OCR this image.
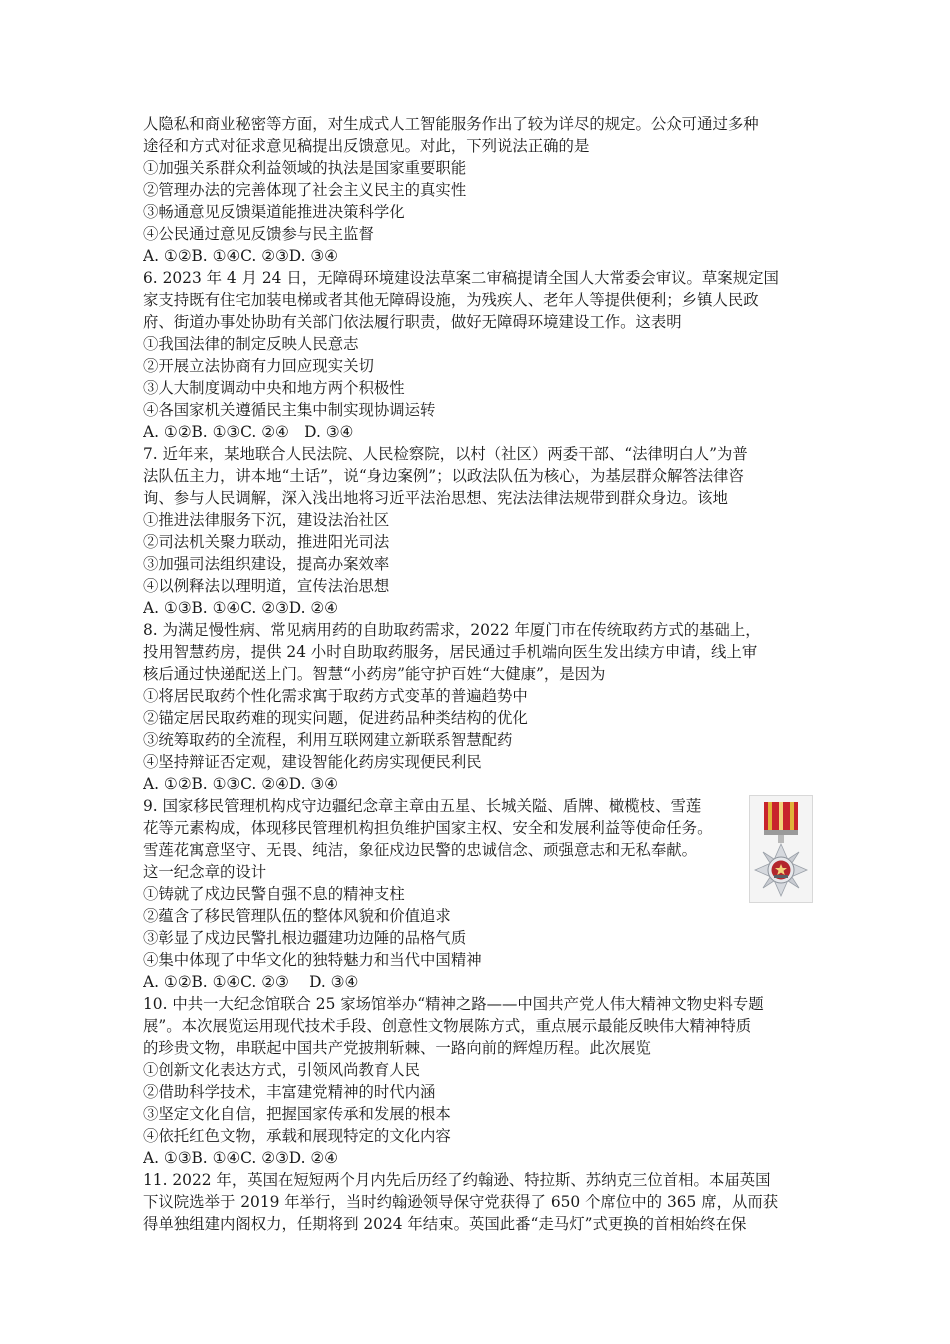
人隐私和商业秘密等方面，对生成式人工智能服务作出了较为详尽的规定。公众可通过多种
途径和方式对征求意见稿提出反馈意见。对此，下列说法正确的是
①加强关系群众利益领域的执法是国家重要职能
②管理办法的完善体现了社会主义民主的真实性
③畅通意见反馈渠道能推进决策科学化
④公民通过意见反馈参与民主监督
A. ①②B. ①④C. ②③D. ③④
6. 2023 年 4 月 24 日，无障碍环境建设法草案二审稿提请全国人大常委会审议。草案规定国
家支持既有住宅加装电梯或者其他无障碍设施，为残疾人、老年人等提供便利；乡镇人民政
府、街道办事处协助有关部门依法履行职责，做好无障碍环境建设工作。这表明
①我国法律的制定反映人民意志
②开展立法协商有力回应现实关切
③人大制度调动中央和地方两个积极性
④各国家机关遵循民主集中制实现协调运转
A. ①②B. ①③C. ②④　D. ③④
7. 近年来，某地联合人民法院、人民检察院，以村（社区）两委干部、“法律明白人”为普
法队伍主力，讲本地“土话”，说“身边案例”；以政法队伍为核心，为基层群众解答法律咨
询、参与人民调解，深入浅出地将习近平法治思想、宪法法律法规带到群众身边。该地
①推进法律服务下沉，建设法治社区
②司法机关聚力联动，推进阳光司法
③加强司法组织建设，提高办案效率
④以例释法以理明道，宣传法治思想
A. ①③B. ①④C. ②③D. ②④
8. 为满足慢性病、常见病用药的自助取药需求，2022 年厦门市在传统取药方式的基础上，
投用智慧药房，提供 24 小时自助取药服务，居民通过手机端向医生发出续方申请，线上审
核后通过快递配送上门。智慧“小药房”能守护百姓“大健康”，是因为
①将居民取药个性化需求寓于取药方式变革的普遍趋势中
②锚定居民取药难的现实问题，促进药品种类结构的优化
③统筹取药的全流程，利用互联网建立新联系智慧配药
④坚持辩证否定观，建设智能化药房实现便民利民
A. ①②B. ①③C. ②④D. ③④
9. 国家移民管理机构戍守边疆纪念章主章由五星、长城关隘、盾牌、橄榄枝、雪莲
花等元素构成，体现移民管理机构担负维护国家主权、安全和发展利益等使命任务。
雪莲花寓意坚守、无畏、纯洁，象征戍边民警的忠诚信念、顽强意志和无私奉献。
这一纪念章的设计
①铸就了戍边民警自强不息的精神支柱
②蕴含了移民管理队伍的整体风貌和价值追求
③彰显了戍边民警扎根边疆建功边陲的品格气质
④集中体现了中华文化的独特魅力和当代中国精神
A. ①②B. ①④C. ②③　 D. ③④
10. 中共一大纪念馆联合 25 家场馆举办“精神之路——中国共产党人伟大精神文物史料专题
展”。本次展览运用现代技术手段、创意性文物展陈方式，重点展示最能反映伟大精神特质
的珍贵文物，串联起中国共产党披荆斩棘、一路向前的辉煌历程。此次展览
①创新文化表达方式，引领风尚教育人民
②借助科学技术，丰富建党精神的时代内涵
③坚定文化自信，把握国家传承和发展的根本
④依托红色文物，承载和展现特定的文化内容
A. ①③B. ①④C. ②③D. ②④
11. 2022 年，英国在短短两个月内先后历经了约翰逊、特拉斯、苏纳克三位首相。本届英国
下议院选举于 2019 年举行，当时约翰逊领导保守党获得了 650 个席位中的 365 席，从而获
得单独组建内阁权力，任期将到 2024 年结束。英国此番“走马灯”式更换的首相始终在保
